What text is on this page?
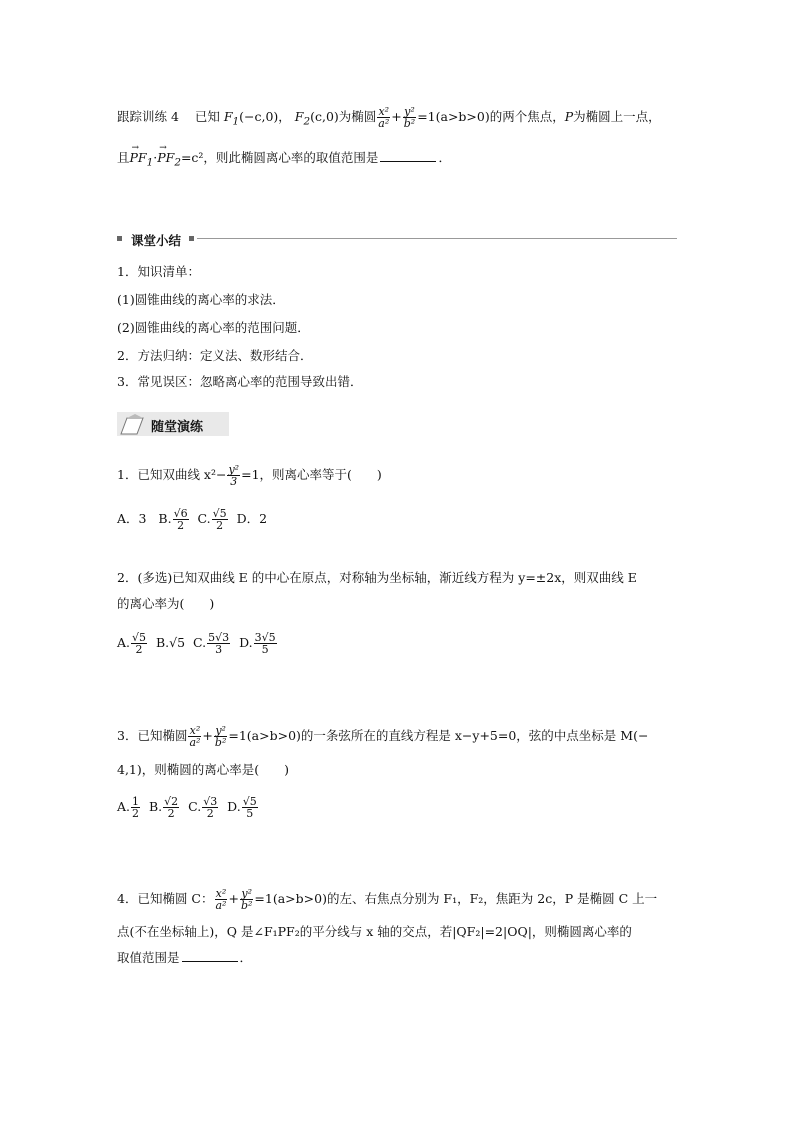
跟踪训练 4 已知 $F_1(-c,0)$， $F_2(c,0)$为椭圆 $\frac{\text{x²}}{\text{a²}} + \frac{\text{y²}}{\text{b²}} =1(a>b>0)$的两个焦点，P为椭圆上一点，
且→ $PF_1\cdot\to PF_2=c^2$，则此椭圆离心率的取值范围是	．
课堂小结
1．知识清单：
(1)圆锥曲线的离心率的求法．
(2)圆锥曲线的离心率的范围问题．
2．方法归纳：定义法、数形结合．
3．常见误区：忽略离心率的范围导致出错．
随堂演练
1．已知双曲线 $x^2- \frac{\text{y²}}{3} =1$，则离心率等于(　　)
A．3 B. $\frac{√6}{2} C$. $\frac{√5}{2}$ D．2
2．(多选)已知双曲线 E 的中心在原点，对称轴为坐标轴，渐近线方程为 y=±2x，则双曲线 E
的离心率为(　　)
A. $\frac{√5}{2} B.√5$ C. $\frac{5√3}{3} D$. $\frac{3√5}{5}$
3．已知椭圆 $\frac{\text{x²}}{\text{a²}} + \frac{\text{y²}}{\text{b²}} =1(a>b>0)$的一条弦所在的直线方程是 x−y+5=0，弦的中点坐标是 M(−
4,1)，则椭圆的离心率是(　　)
A. $\frac{1}{2} B$. $\frac{√2}{2} C$. $\frac{√3}{2} D$. $\frac{√5}{5}$
4．已知椭圆 C： $\frac{\text{x²}}{\text{a²}} + \frac{\text{y²}}{\text{b²}} =1(a>b>0)$的左、右焦点分别为 F₁，F₂，焦距为 2c，P 是椭圆 C 上一
点(不在坐标轴上)，Q 是∠F₁PF₂的平分线与 x 轴的交点，若|QF₂|=2|OQ|，则椭圆离心率的
取值范围是	．
